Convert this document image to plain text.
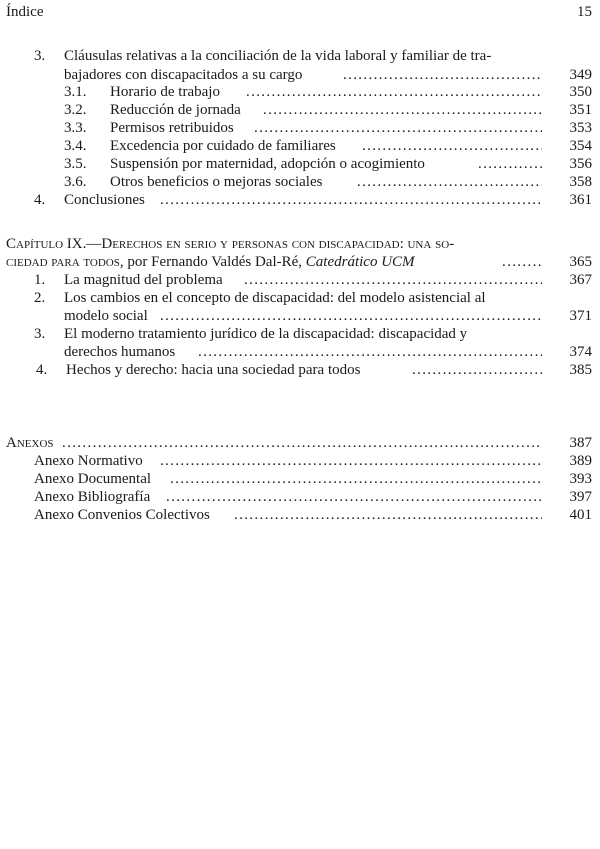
Índice	15
3. Cláusulas relativas a la conciliación de la vida laboral y familiar de tra-
bajadores con discapacitados a su cargo . . .	349
3.1. Horario de trabajo . . .	350
3.2. Reducción de jornada . . .	351
3.3. Permisos retribuidos . . .	353
3.4. Excedencia por cuidado de familiares . . .	354
3.5. Suspensión por maternidad, adopción o acogimiento . . .	356
3.6. Otros beneficios o mejoras sociales . . .	358
4. Conclusiones . . .	361
Capítulo IX.—Derechos en serio y personas con discapacidad: una so-
ciedad para todos, por Fernando Valdés Dal-Ré, Catedrático UCM . . .	365
1. La magnitud del problema . . .	367
2. Los cambios en el concepto de discapacidad: del modelo asistencial al
modelo social . . .	371
3. El moderno tratamiento jurídico de la discapacidad: discapacidad y
derechos humanos . . .	374
4. Hechos y derecho: hacia una sociedad para todos . . .	385
Anexos . . .	387
Anexo Normativo . . .	389
Anexo Documental . . .	393
Anexo Bibliografía . . .	397
Anexo Convenios Colectivos . . .	401
